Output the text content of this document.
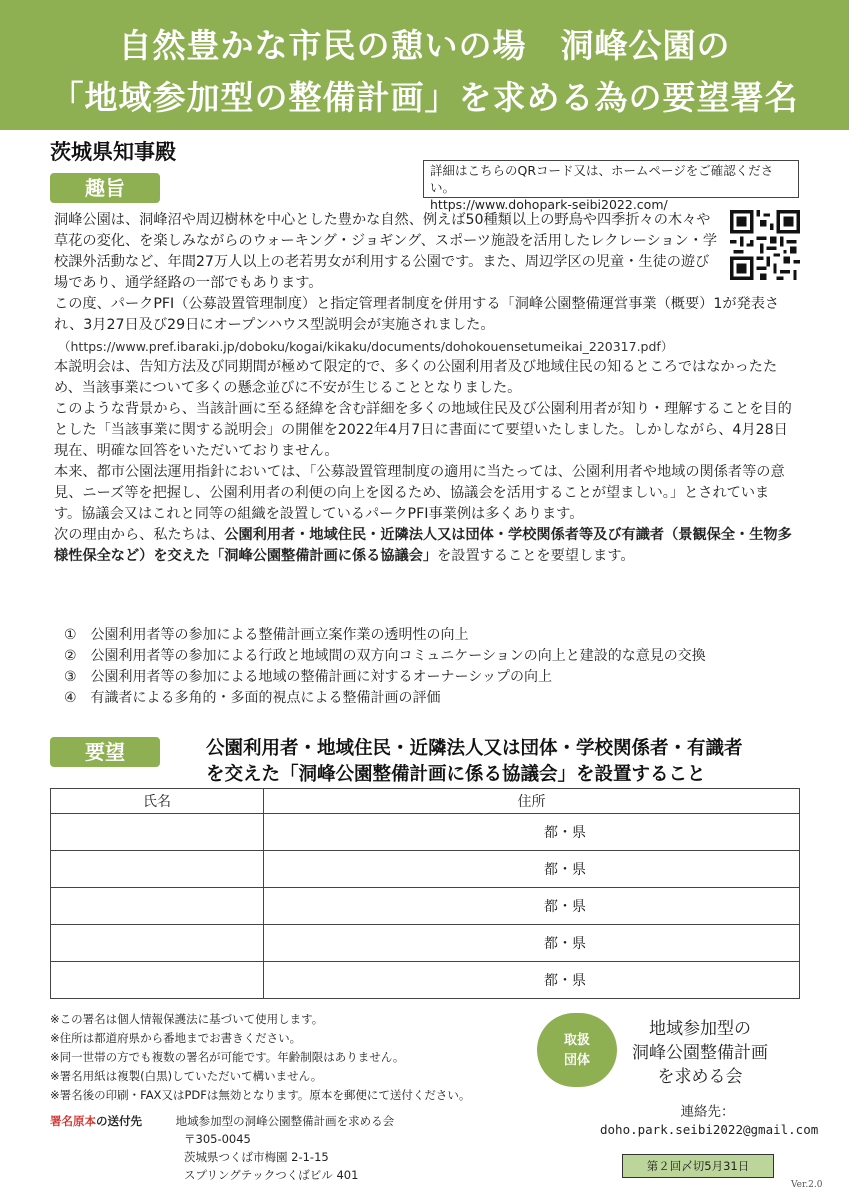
自然豊かな市民の憩いの場　洞峰公園の
「地域参加型の整備計画」を求める為の要望署名
茨城県知事殿
詳細はこちらのQRコード又は、ホームページをご確認ください。
https://www.dohopark-seibi2022.com/
趣旨

洞峰公園は、洞峰沼や周辺樹林を中心とした豊かな自然、例えば50種類以上の野鳥や四季折々の木々や草花の変化、を楽しみながらのウォーキング・ジョギング、スポーツ施設を活用したレクレーション・学校課外活動など、年間27万人以上の老若男女が利用する公園です。また、周辺学区の児童・生徒の遊び場であり、通学経路の一部でもあります。

この度、パークPFI（公募設置管理制度）と指定管理者制度を併用する「洞峰公園整備運営事業（概要）1が発表され、3月27日及び29日にオープンハウス型説明会が実施されました。

（https://www.pref.ibaraki.jp/doboku/kogai/kikaku/documents/dohokouensetumeikai_220317.pdf）

本説明会は、告知方法及び同期間が極めて限定的で、多くの公園利用者及び地域住民の知るところではなかったため、当該事業について多くの懸念並びに不安が生じることとなりました。

このような背景から、当該計画に至る経緯を含む詳細を多くの地域住民及び公園利用者が知り・理解することを目的とした「当該事業に関する説明会」の開催を2022年4月7日に書面にて要望いたしました。しかしながら、4月28日現在、明確な回答をいただいておりません。

本来、都市公園法運用指針においては、「公募設置管理制度の適用に当たっては、公園利用者や地域の関係者等の意見、ニーズ等を把握し、公園利用者の利便の向上を図るため、協議会を活用することが望ましい。」とされています。協議会又はこれと同等の組織を設置しているパークPFI事業例は多くあります。

次の理由から、私たちは、公園利用者・地域住民・近隣法人又は団体・学校関係者等及び有識者（景観保全・生物多様性保全など）を交えた「洞峰公園整備計画に係る協議会」を設置することを要望します。

①　公園利用者等の参加による整備計画立案作業の透明性の向上
②　公園利用者等の参加による行政と地域間の双方向コミュニケーションの向上と建設的な意見の交換
③　公園利用者等の参加による地域の整備計画に対するオーナーシップの向上
④　有識者による多角的・多面的視点による整備計画の評価
要望	公園利用者・地域住民・近隣法人又は団体・学校関係者・有識者
を交えた「洞峰公園整備計画に係る協議会」を設置すること
氏名	住所
	都・県
	都・県
	都・県
	都・県
	都・県
※この署名は個人情報保護法に基づいて使用します。
※住所は都道府県から番地までお書きください。
※同一世帯の方でも複数の署名が可能です。年齢制限はありません。
※署名用紙は複製(白黒)していただいて構いません。
※署名後の印刷・FAX又はPDFは無効となります。原本を郵便にて送付ください。
署名原本の送付先	地域参加型の洞峰公園整備計画を求める会
〒305-0045
茨城県つくば市梅園 2-1-15
スプリングテックつくばビル 401
取扱
団体
地域参加型の
洞峰公園整備計画
を求める会
連絡先：
doho.park.seibi2022@gmail.com
第２回〆切5月31日
Ver.2.0
